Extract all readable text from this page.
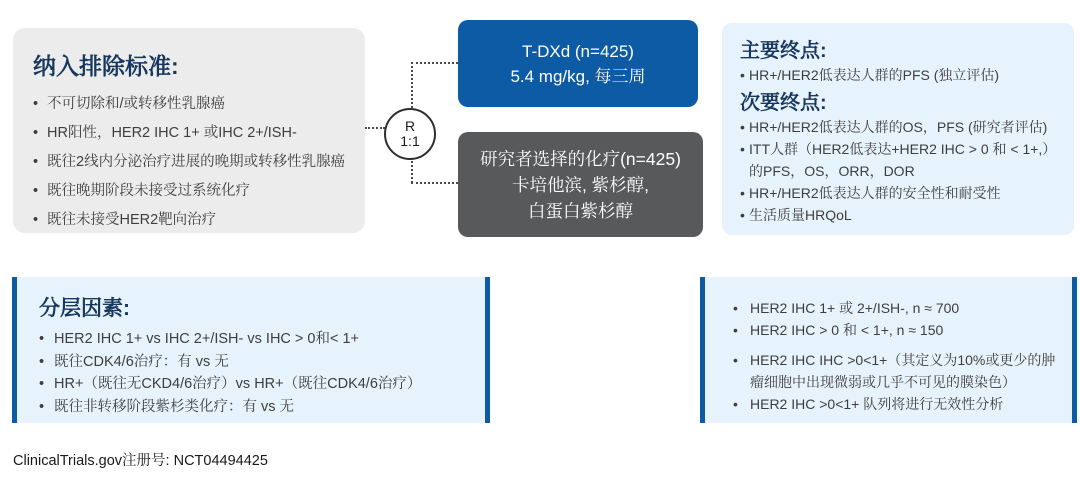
纳入排除标准:
• 不可切除和/或转移性乳腺癌
• HR阳性，HER2 IHC 1+ 或IHC 2+/ISH-
• 既往2线内分泌治疗进展的晚期或转移性乳腺癌
• 既往晚期阶段未接受过系统化疗
• 既往未接受HER2靶向治疗
R
1:1
T-DXd (n=425)
5.4 mg/kg, 每三周
研究者选择的化疗(n=425)
卡培他滨, 紫杉醇,
白蛋白紫杉醇
主要终点:
• HR+/HER2低表达人群的PFS (独立评估)
次要终点:
• HR+/HER2低表达人群的OS，PFS (研究者评估)
• ITT人群（HER2低表达+HER2 IHC > 0 和 < 1+,）的PFS，OS，ORR，DOR
• HR+/HER2低表达人群的安全性和耐受性
• 生活质量HRQoL
分层因素:
• HER2 IHC 1+ vs IHC 2+/ISH- vs IHC > 0和< 1+
• 既往CDK4/6治疗：有 vs 无
• HR+（既往无CKD4/6治疗）vs HR+（既往CDK4/6治疗）
• 既往非转移阶段紫杉类化疗：有 vs 无
• HER2 IHC 1+ 或 2+/ISH-, n ≈ 700
• HER2 IHC > 0 和 < 1+, n ≈ 150
• HER2 IHC IHC >0<1+（其定义为10%或更少的肿瘤细胞中出现微弱或几乎不可见的膜染色）
• HER2 IHC >0<1+ 队列将进行无效性分析
ClinicalTrials.gov注册号: NCT04494425
